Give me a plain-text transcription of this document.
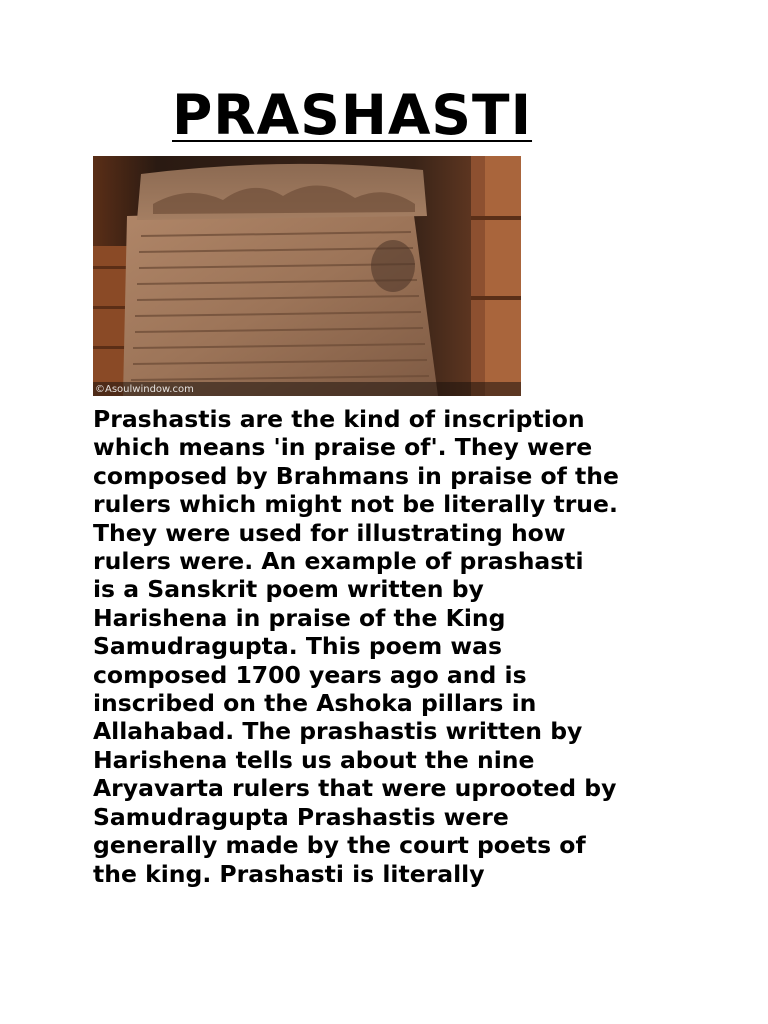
PRASHASTI
©Asoulwindow.com

Prashastis are the kind of inscription
which means 'in praise of'. They were
composed by Brahmans in praise of the
rulers which might not be literally true.
They were used for illustrating how
rulers were. An example of prashasti
is a Sanskrit poem written by
Harishena in praise of the King
Samudragupta. This poem was
composed 1700 years ago and is
inscribed on the Ashoka pillars in
Allahabad. The prashastis written by
Harishena tells us about the nine
Aryavarta rulers that were uprooted by
Samudragupta Prashastis were
generally made by the court poets of
the king. Prashasti is literally
